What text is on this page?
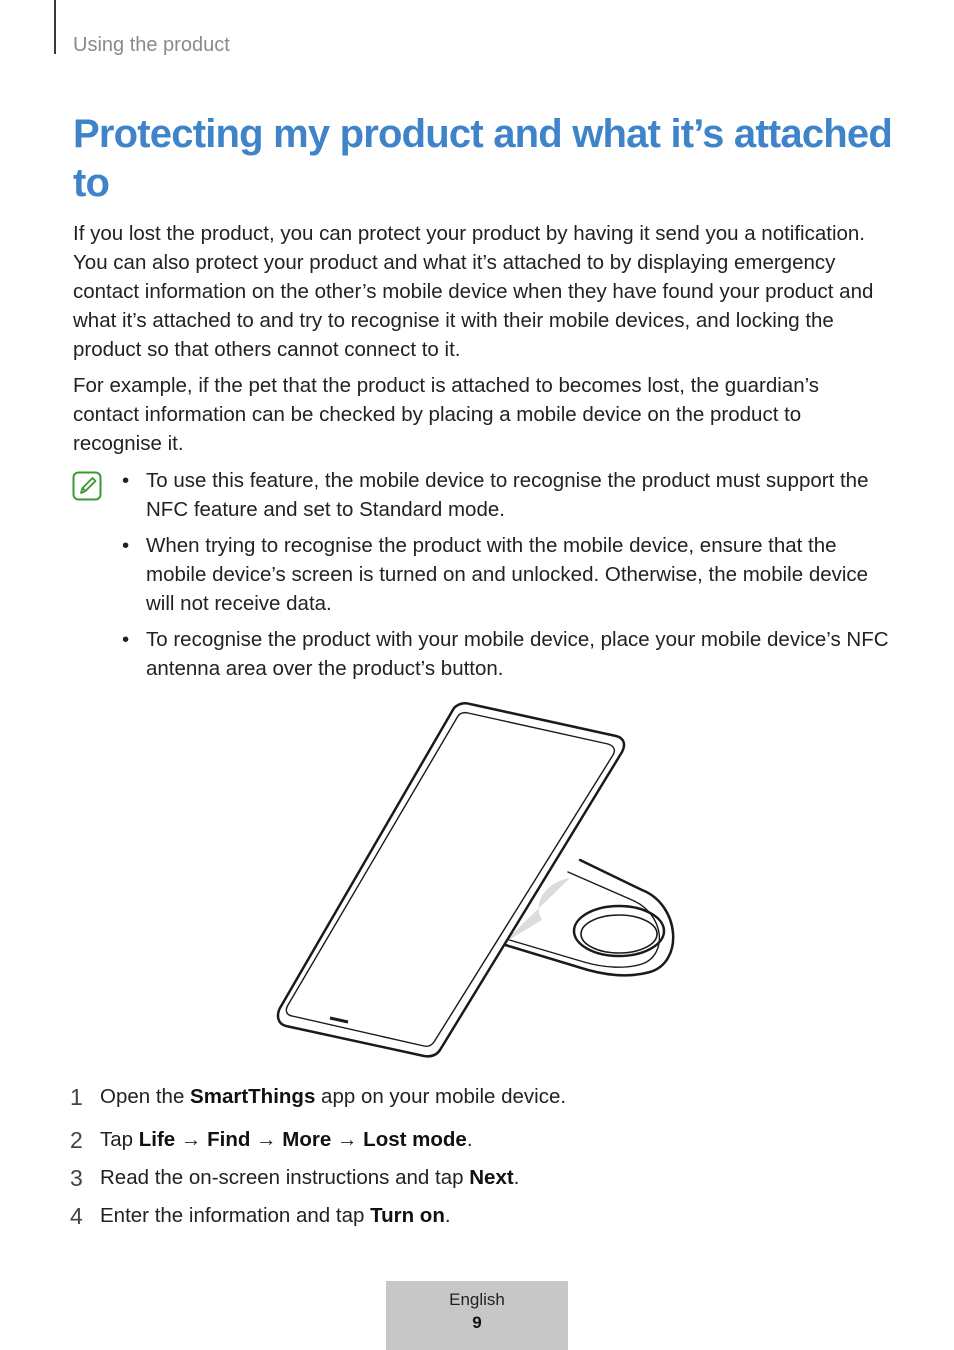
Using the product
Protecting my product and what it’s attached to

If you lost the product, you can protect your product by having it send you a notification. You can also protect your product and what it’s attached to by displaying emergency contact information on the other’s mobile device when they have found your product and what it’s attached to and try to recognise it with their mobile devices, and locking the product so that others cannot connect to it.

For example, if the pet that the product is attached to becomes lost, the guardian’s contact information can be checked by placing a mobile device on the product to recognise it.

• To use this feature, the mobile device to recognise the product must support the NFC feature and set to Standard mode.
• When trying to recognise the product with the mobile device, ensure that the mobile device’s screen is turned on and unlocked. Otherwise, the mobile device will not receive data.
• To recognise the product with your mobile device, place your mobile device’s NFC antenna area over the product’s button.
1 Open the SmartThings app on your mobile device.
2 Tap Life → Find → More → Lost mode.
3 Read the on-screen instructions and tap Next.
4 Enter the information and tap Turn on.
English
9
